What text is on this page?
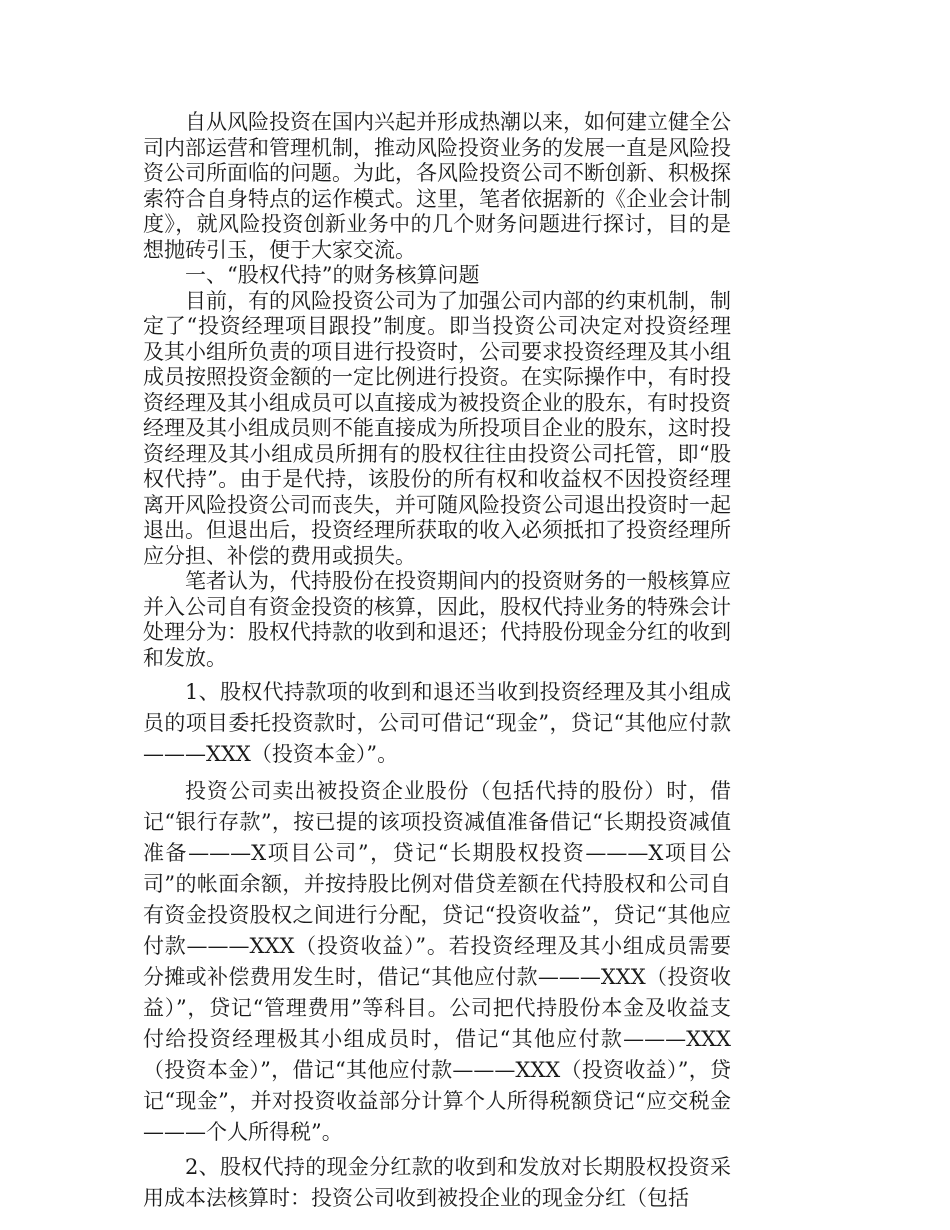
自从风险投资在国内兴起并形成热潮以来，如何建立健全公司内部运营和管理机制，推动风险投资业务的发展一直是风险投资公司所面临的问题。为此，各风险投资公司不断创新、积极探索符合自身特点的运作模式。这里，笔者依据新的《企业会计制度》，就风险投资创新业务中的几个财务问题进行探讨，目的是想抛砖引玉，便于大家交流。

一、“股权代持”的财务核算问题

目前，有的风险投资公司为了加强公司内部的约束机制，制定了“投资经理项目跟投”制度。即当投资公司决定对投资经理及其小组所负责的项目进行投资时，公司要求投资经理及其小组成员按照投资金额的一定比例进行投资。在实际操作中，有时投资经理及其小组成员可以直接成为被投资企业的股东，有时投资经理及其小组成员则不能直接成为所投项目企业的股东，这时投资经理及其小组成员所拥有的股权往往由投资公司托管，即“股权代持”。由于是代持，该股份的所有权和收益权不因投资经理离开风险投资公司而丧失，并可随风险投资公司退出投资时一起退出。但退出后，投资经理所获取的收入必须抵扣了投资经理所应分担、补偿的费用或损失。

笔者认为，代持股份在投资期间内的投资财务的一般核算应并入公司自有资金投资的核算，因此，股权代持业务的特殊会计处理分为：股权代持款的收到和退还；代持股份现金分红的收到和发放。

1、股权代持款项的收到和退还当收到投资经理及其小组成员的项目委托投资款时，公司可借记“现金”，贷记“其他应付款———XXX（投资本金）”。

投资公司卖出被投资企业股份（包括代持的股份）时，借记“银行存款”，按已提的该项投资减值准备借记“长期投资减值准备———X项目公司”，贷记“长期股权投资———X项目公司”的帐面余额，并按持股比例对借贷差额在代持股权和公司自有资金投资股权之间进行分配，贷记“投资收益”，贷记“其他应付款———XXX（投资收益）”。若投资经理及其小组成员需要分摊或补偿费用发生时，借记“其他应付款———XXX（投资收益）”，贷记“管理费用”等科目。公司把代持股份本金及收益支付给投资经理极其小组成员时，借记“其他应付款———XXX（投资本金）”，借记“其他应付款———XXX（投资收益）”，贷记“现金”，并对投资收益部分计算个人所得税额贷记“应交税金———个人所得税”。

2、股权代持的现金分红款的收到和发放对长期股权投资采用成本法核算时：投资公司收到被投企业的现金分红（包括
